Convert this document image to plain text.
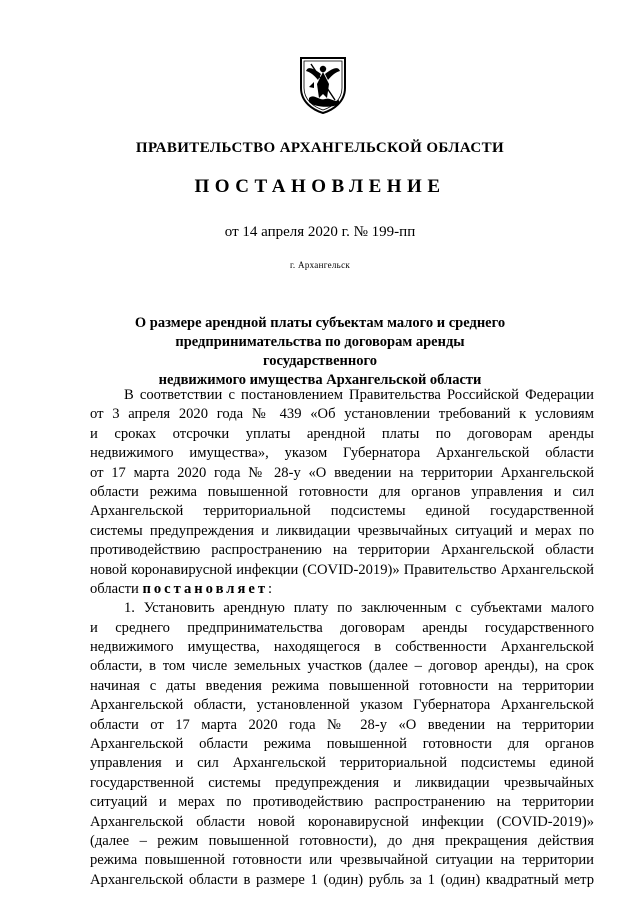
ПРАВИТЕЛЬСТВО АРХАНГЕЛЬСКОЙ ОБЛАСТИ
ПОСТАНОВЛЕНИЕ
от 14 апреля 2020 г. № 199-пп
г. Архангельск
О размере арендной платы субъектам малого и среднего
предпринимательства по договорам аренды государственного
недвижимого имущества Архангельской области
В соответствии с постановлением Правительства Российской Федерации
от 3 апреля 2020 года № 439 «Об установлении требований к условиям
и сроках отсрочки уплаты арендной платы по договорам аренды
недвижимого имущества», указом Губернатора Архангельской области
от 17 марта 2020 года № 28-у «О введении на территории Архангельской
области режима повышенной готовности для органов управления и сил
Архангельской территориальной подсистемы единой государственной
системы предупреждения и ликвидации чрезвычайных ситуаций и мерах по
противодействию распространению на территории Архангельской области
новой коронавирусной инфекции (COVID-2019)» Правительство Архангельской
области постановляет:
1. Установить арендную плату по заключенным с субъектами малого
и среднего предпринимательства договорам аренды государственного
недвижимого имущества, находящегося в собственности Архангельской
области, в том числе земельных участков (далее – договор аренды), на срок
начиная с даты введения режима повышенной готовности на территории
Архангельской области, установленной указом Губернатора Архангельской
области от 17 марта 2020 года № 28-у «О введении на территории
Архангельской области режима повышенной готовности для органов
управления и сил Архангельской территориальной подсистемы единой
государственной системы предупреждения и ликвидации чрезвычайных
ситуаций и мерах по противодействию распространению на территории
Архангельской области новой коронавирусной инфекции (COVID-2019)»
(далее – режим повышенной готовности), до дня прекращения действия
режима повышенной готовности или чрезвычайной ситуации на территории
Архангельской области в размере 1 (один) рубль за 1 (один) квадратный метр
